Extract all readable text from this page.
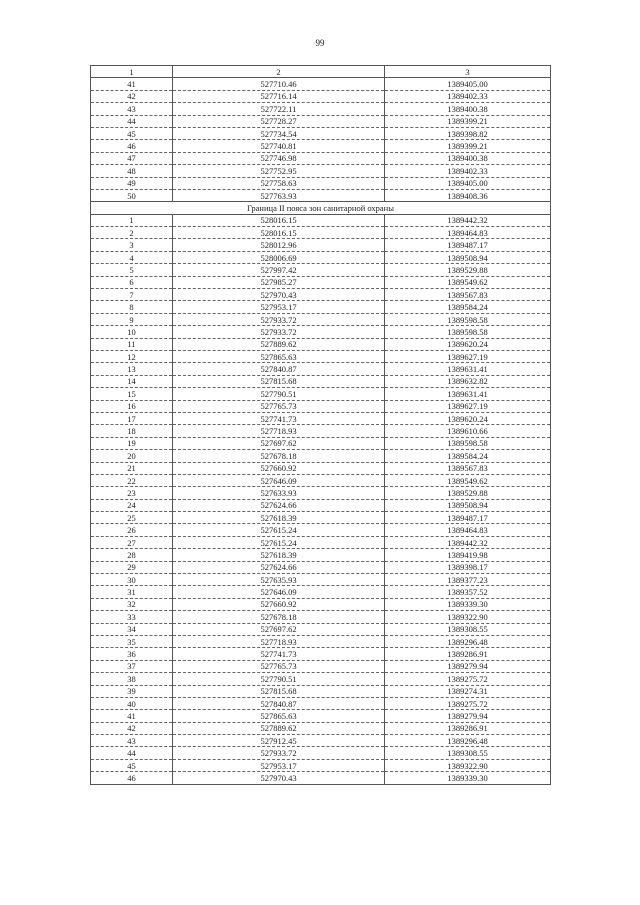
99
1	2	3
41	527710.46	1389405.00
42	527716.14	1389402.33
43	527722.11	1389400.38
44	527728.27	1389399.21
45	527734.54	1389398.82
46	527740.81	1389399.21
47	527746.98	1389400.38
48	527752.95	1389402.33
49	527758.63	1389405.00
50	527763.93	1389408.36
Граница II пояса зон санитарной охраны		
1	528016.15	1389442.32
2	528016.15	1389464.83
3	528012.96	1389487.17
4	528006.69	1389508.94
5	527997.42	1389529.88
6	527985.27	1389549.62
7	527970.43	1389567.83
8	527953.17	1389584.24
9	527933.72	1389598.58
10	527933.72	1389598.58
11	527889.62	1389620.24
12	527865.63	1389627.19
13	527840.87	1389631.41
14	527815.68	1389632.82
15	527790.51	1389631.41
16	527765.73	1389627.19
17	527741.73	1389620.24
18	527718.93	1389610.66
19	527697.62	1389598.58
20	527678.18	1389584.24
21	527660.92	1389567.83
22	527646.09	1389549.62
23	527633.93	1389529.88
24	527624.66	1389508.94
25	527618.39	1389487.17
26	527615.24	1389464.83
27	527615.24	1389442.32
28	527618.39	1389419.98
29	527624.66	1389398.17
30	527635.93	1389377.23
31	527646.09	1389357.52
32	527660.92	1389339.30
33	527678.18	1389322.90
34	527697.62	1389308.55
35	527718.93	1389296.48
36	527741.73	1389286.91
37	527765.73	1389279.94
38	527790.51	1389275.72
39	527815.68	1389274.31
40	527840.87	1389275.72
41	527865.63	1389279.94
42	527889.62	1389286.91
43	527912.45	1389296.48
44	527933.72	1389308.55
45	527953.17	1389322.90
46	527970.43	1389339.30
